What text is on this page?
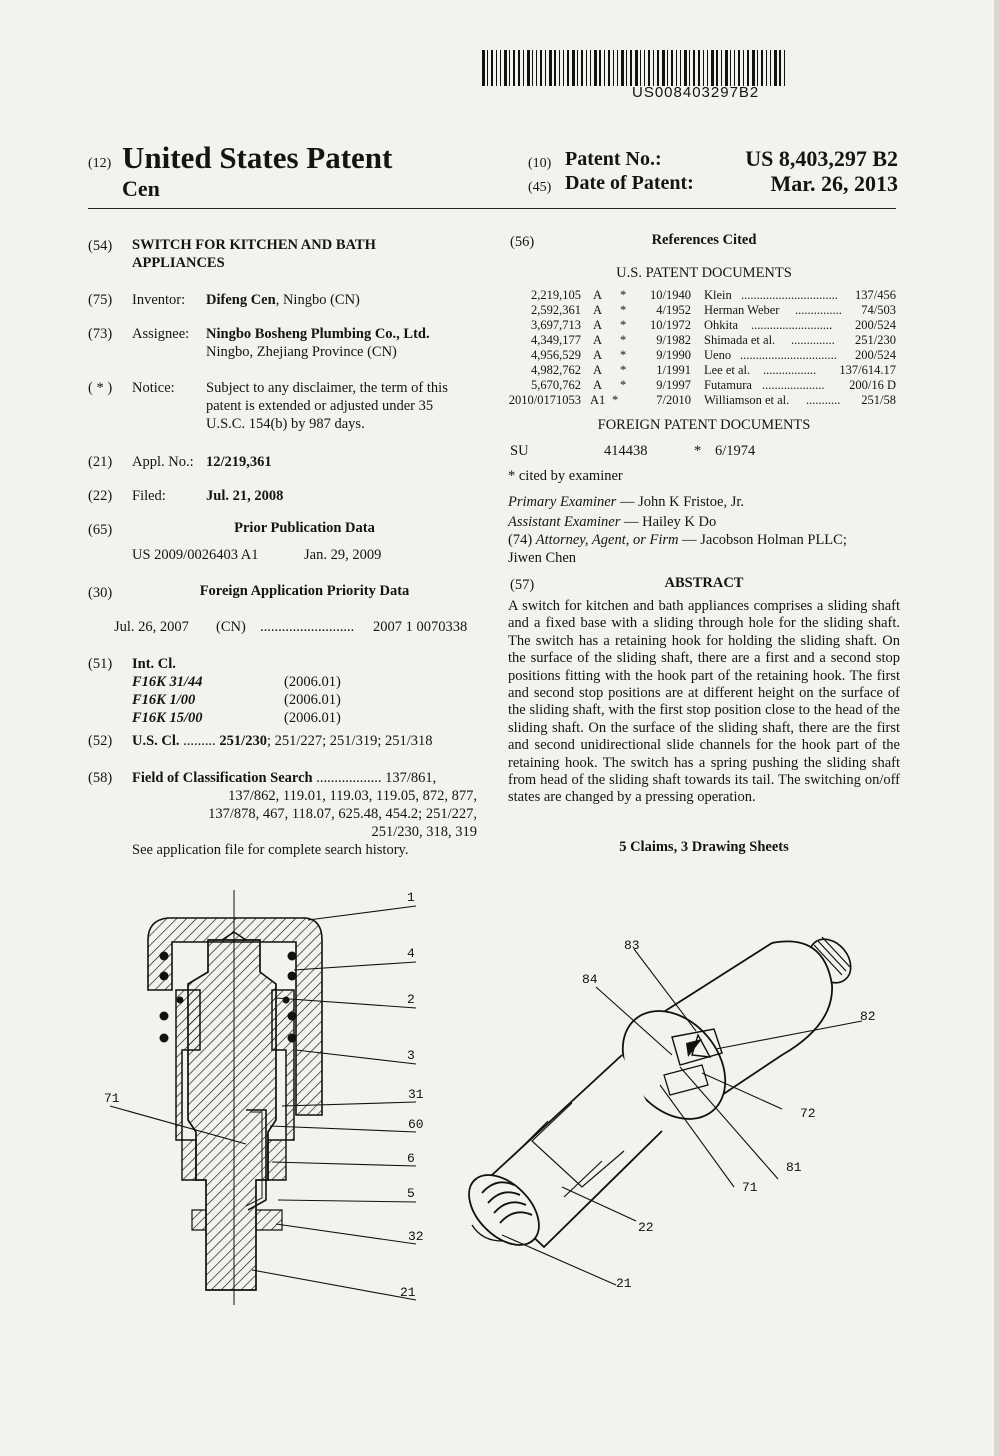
US008403297B2
(12) United States Patent
Cen
(10) Patent No.:	US 8,403,297 B2
(45) Date of Patent:	Mar. 26, 2013
(54) SWITCH FOR KITCHEN AND BATH
APPLIANCES
(75) Inventor: Difeng Cen, Ningbo (CN)
(73) Assignee: Ningbo Bosheng Plumbing Co., Ltd.
Ningbo, Zhejiang Province (CN)
( * ) Notice: Subject to any disclaimer, the term of this
patent is extended or adjusted under 35
U.S.C. 154(b) by 987 days.
(21) Appl. No.: 12/219,361
(22) Filed:	Jul. 21, 2008
(65)	Prior Publication Data
US 2009/0026403 A1	Jan. 29, 2009
(30)	Foreign Application Priority Data
Jul. 26, 2007 (CN) .......................... 2007 1 0070338
(51) Int. Cl.
F16K 31/44	(2006.01)
F16K 1/00	(2006.01)
F16K 15/00	(2006.01)
(52) U.S. Cl. ......... 251/230; 251/227; 251/319; 251/318
(58) Field of Classification Search .................. 137/861,
137/862, 119.01, 119.03, 119.05, 872, 877,
137/878, 467, 118.07, 625.48, 454.2; 251/227,
251/230, 318, 319
See application file for complete search history.
(56)	References Cited
U.S. PATENT DOCUMENTS
2,219,105 A * 10/1940 Klein ............................... 137/456
2,592,361 A * 4/1952 Herman Weber ............... 74/503
3,697,713 A * 10/1972 Ohkita .......................... 200/524
4,349,177 A * 9/1982 Shimada et al. .............. 251/230
4,956,529 A * 9/1990 Ueno ............................... 200/524
4,982,762 A * 1/1991 Lee et al. ................. 137/614.17
5,670,762 A * 9/1997 Futamura .................... 200/16 D
2010/0171053 A1 *	7/2010 Williamson et al. ........... 251/58
FOREIGN PATENT DOCUMENTS
SU	414438	* 6/1974
* cited by examiner
Primary Examiner — John K Fristoe, Jr.
Assistant Examiner — Hailey K Do
(74) Attorney, Agent, or Firm — Jacobson Holman PLLC;
Jiwen Chen
(57)	ABSTRACT
A switch for kitchen and bath appliances comprises a sliding shaft and a fixed base with a sliding through hole for the sliding shaft. The switch has a retaining hook for holding the sliding shaft. On the surface of the sliding shaft, there are a first and a second stop positions fitting with the hook part of the retaining hook. The first and second stop positions are at different height on the surface of the sliding shaft, with the first stop position close to the head of the sliding shaft. On the surface of the sliding shaft, there are the first and second unidirectional slide channels for the hook part of the retaining hook. The switch has a spring pushing the sliding shaft from head of the sliding shaft towards its tail. The switching on/off states are changed by a pressing operation.
5 Claims, 3 Drawing Sheets
1
4
2
3
71	31
60
6
5
32
21
83
84
82
72
81
71
22
21
